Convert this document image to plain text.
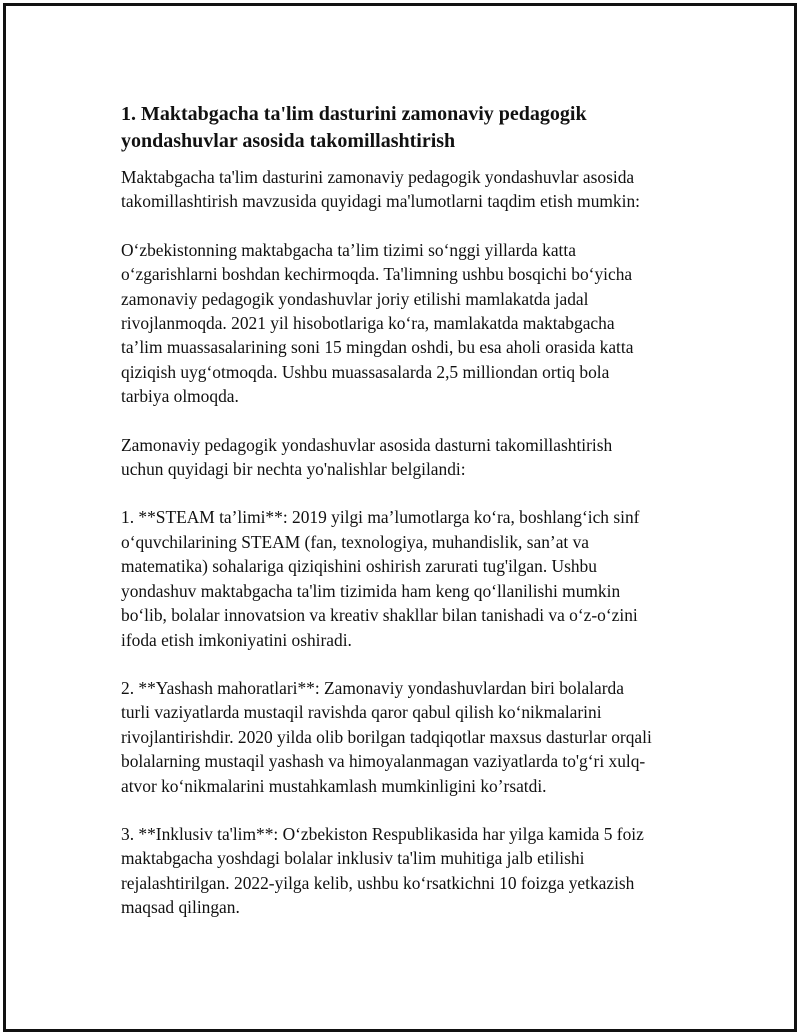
1. Maktabgacha ta'lim dasturini zamonaviy pedagogik
yondashuvlar asosida takomillashtirish

Maktabgacha ta'lim dasturini zamonaviy pedagogik yondashuvlar asosida
takomillashtirish mavzusida quyidagi ma'lumotlarni taqdim etish mumkin:

O‘zbekistonning maktabgacha ta’lim tizimi so‘nggi yillarda katta
o‘zgarishlarni boshdan kechirmoqda. Ta'limning ushbu bosqichi bo‘yicha
zamonaviy pedagogik yondashuvlar joriy etilishi mamlakatda jadal
rivojlanmoqda. 2021 yil hisobotlariga ko‘ra, mamlakatda maktabgacha
ta’lim muassasalarining soni 15 mingdan oshdi, bu esa aholi orasida katta
qiziqish uyg‘otmoqda. Ushbu muassasalarda 2,5 milliondan ortiq bola
tarbiya olmoqda.

Zamonaviy pedagogik yondashuvlar asosida dasturni takomillashtirish
uchun quyidagi bir nechta yo'nalishlar belgilandi:

1. **STEAM ta’limi**: 2019 yilgi ma’lumotlarga ko‘ra, boshlang‘ich sinf
o‘quvchilarining STEAM (fan, texnologiya, muhandislik, san’at va
matematika) sohalariga qiziqishini oshirish zarurati tug'ilgan. Ushbu
yondashuv maktabgacha ta'lim tizimida ham keng qo‘llanilishi mumkin
bo‘lib, bolalar innovatsion va kreativ shakllar bilan tanishadi va o‘z-o‘zini
ifoda etish imkoniyatini oshiradi.

2. **Yashash mahoratlari**: Zamonaviy yondashuvlardan biri bolalarda
turli vaziyatlarda mustaqil ravishda qaror qabul qilish ko‘nikmalarini
rivojlantirishdir. 2020 yilda olib borilgan tadqiqotlar maxsus dasturlar orqali
bolalarning mustaqil yashash va himoyalanmagan vaziyatlarda to'g‘ri xulq-
atvor ko‘nikmalarini mustahkamlash mumkinligini ko’rsatdi.

3. **Inklusiv ta'lim**: O‘zbekiston Respublikasida har yilga kamida 5 foiz
maktabgacha yoshdagi bolalar inklusiv ta'lim muhitiga jalb etilishi
rejalashtirilgan. 2022-yilga kelib, ushbu ko‘rsatkichni 10 foizga yetkazish
maqsad qilingan.
